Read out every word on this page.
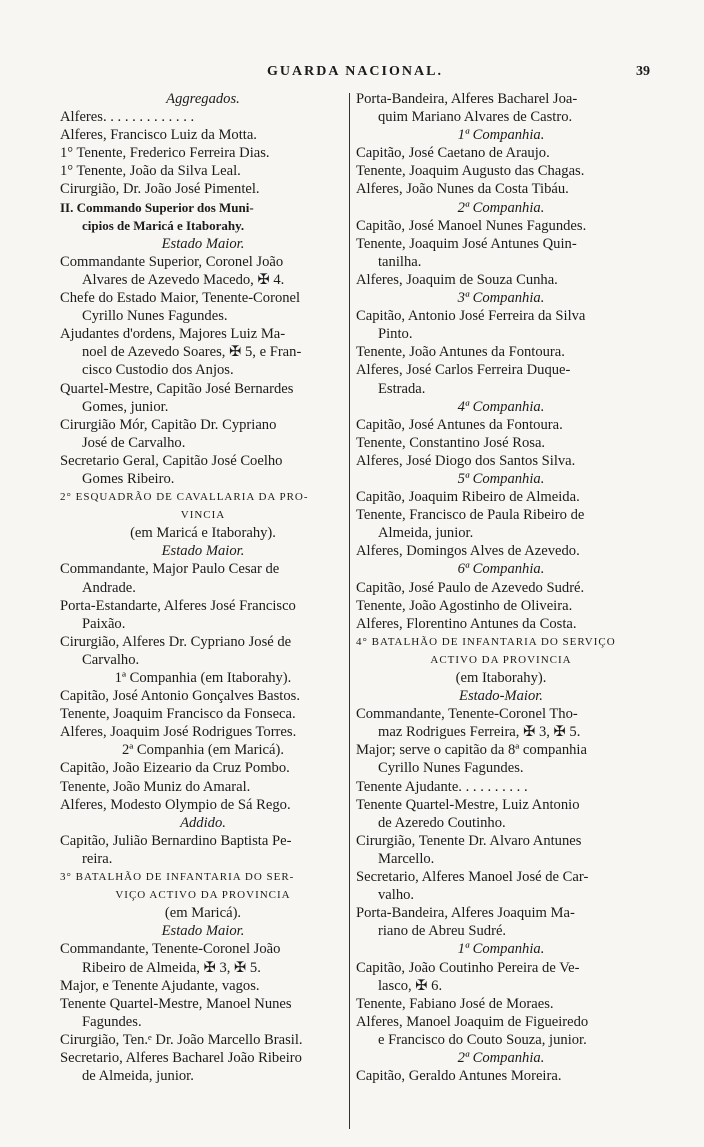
GUARDA NACIONAL.	39
Aggregados.
Alferes. . . . . . . . . . . . .
Alferes, Francisco Luiz da Motta.
1° Tenente, Frederico Ferreira Dias.
1° Tenente, João da Silva Leal.
Cirurgião, Dr. João José Pimentel.
II. Commando Superior dos Muni-
cipios de Maricá e Itaborahy.
Estado Maior.
Commandante Superior, Coronel João
Alvares de Azevedo Macedo, ✠ 4.
Chefe do Estado Maior, Tenente-Coronel
Cyrillo Nunes Fagundes.
Ajudantes d'ordens, Majores Luiz Ma-
noel de Azevedo Soares, ✠ 5, e Fran-
cisco Custodio dos Anjos.
Quartel-Mestre, Capitão José Bernardes
Gomes, junior.
Cirurgião Mór, Capitão Dr. Cypriano
José de Carvalho.
Secretario Geral, Capitão José Coelho
Gomes Ribeiro.
2° ESQUADRÃO DE CAVALLARIA DA PRO-
VINCIA
(em Maricá e Itaborahy).
Estado Maior.
Commandante, Major Paulo Cesar de
Andrade.
Porta-Estandarte, Alferes José Francisco
Paixão.
Cirurgião, Alferes Dr. Cypriano José de
Carvalho.
1ª Companhia (em Itaborahy).
Capitão, José Antonio Gonçalves Bastos.
Tenente, Joaquim Francisco da Fonseca.
Alferes, Joaquim José Rodrigues Torres.
2ª Companhia (em Maricá).
Capitão, João Eizeario da Cruz Pombo.
Tenente, João Muniz do Amaral.
Alferes, Modesto Olympio de Sá Rego.
Addido.
Capitão, Julião Bernardino Baptista Pe-
reira.
3° BATALHÃO DE INFANTARIA DO SER-
VIÇO ACTIVO DA PROVINCIA
(em Maricá).
Estado Maior.
Commandante, Tenente-Coronel João
Ribeiro de Almeida, ✠ 3, ✠ 5.
Major, e Tenente Ajudante, vagos.
Tenente Quartel-Mestre, Manoel Nunes
Fagundes.
Cirurgião, Ten.ᵉ Dr. João Marcello Brasil.
Secretario, Alferes Bacharel João Ribeiro
de Almeida, junior.
Porta-Bandeira, Alferes Bacharel Joa-
quim Mariano Alvares de Castro.
1ª Companhia.
Capitão, José Caetano de Araujo.
Tenente, Joaquim Augusto das Chagas.
Alferes, João Nunes da Costa Tibáu.
2ª Companhia.
Capitão, José Manoel Nunes Fagundes.
Tenente, Joaquim José Antunes Quin-
tanilha.
Alferes, Joaquim de Souza Cunha.
3ª Companhia.
Capitão, Antonio José Ferreira da Silva
Pinto.
Tenente, João Antunes da Fontoura.
Alferes, José Carlos Ferreira Duque-
Estrada.
4ª Companhia.
Capitão, José Antunes da Fontoura.
Tenente, Constantino José Rosa.
Alferes, José Diogo dos Santos Silva.
5ª Companhia.
Capitão, Joaquim Ribeiro de Almeida.
Tenente, Francisco de Paula Ribeiro de
Almeida, junior.
Alferes, Domingos Alves de Azevedo.
6ª Companhia.
Capitão, José Paulo de Azevedo Sudré.
Tenente, João Agostinho de Oliveira.
Alferes, Florentino Antunes da Costa.
4° BATALHÃO DE INFANTARIA DO SERVIÇO
ACTIVO DA PROVINCIA
(em Itaborahy).
Estado-Maior.
Commandante, Tenente-Coronel Tho-
maz Rodrigues Ferreira, ✠ 3, ✠ 5.
Major; serve o capitão da 8ª companhia
Cyrillo Nunes Fagundes.
Tenente Ajudante. . . . . . . . . .
Tenente Quartel-Mestre, Luiz Antonio
de Azeredo Coutinho.
Cirurgião, Tenente Dr. Alvaro Antunes
Marcello.
Secretario, Alferes Manoel José de Car-
valho.
Porta-Bandeira, Alferes Joaquim Ma-
riano de Abreu Sudré.
1ª Companhia.
Capitão, João Coutinho Pereira de Ve-
lasco, ✠ 6.
Tenente, Fabiano José de Moraes.
Alferes, Manoel Joaquim de Figueiredo
e Francisco do Couto Souza, junior.
2ª Companhia.
Capitão, Geraldo Antunes Moreira.
